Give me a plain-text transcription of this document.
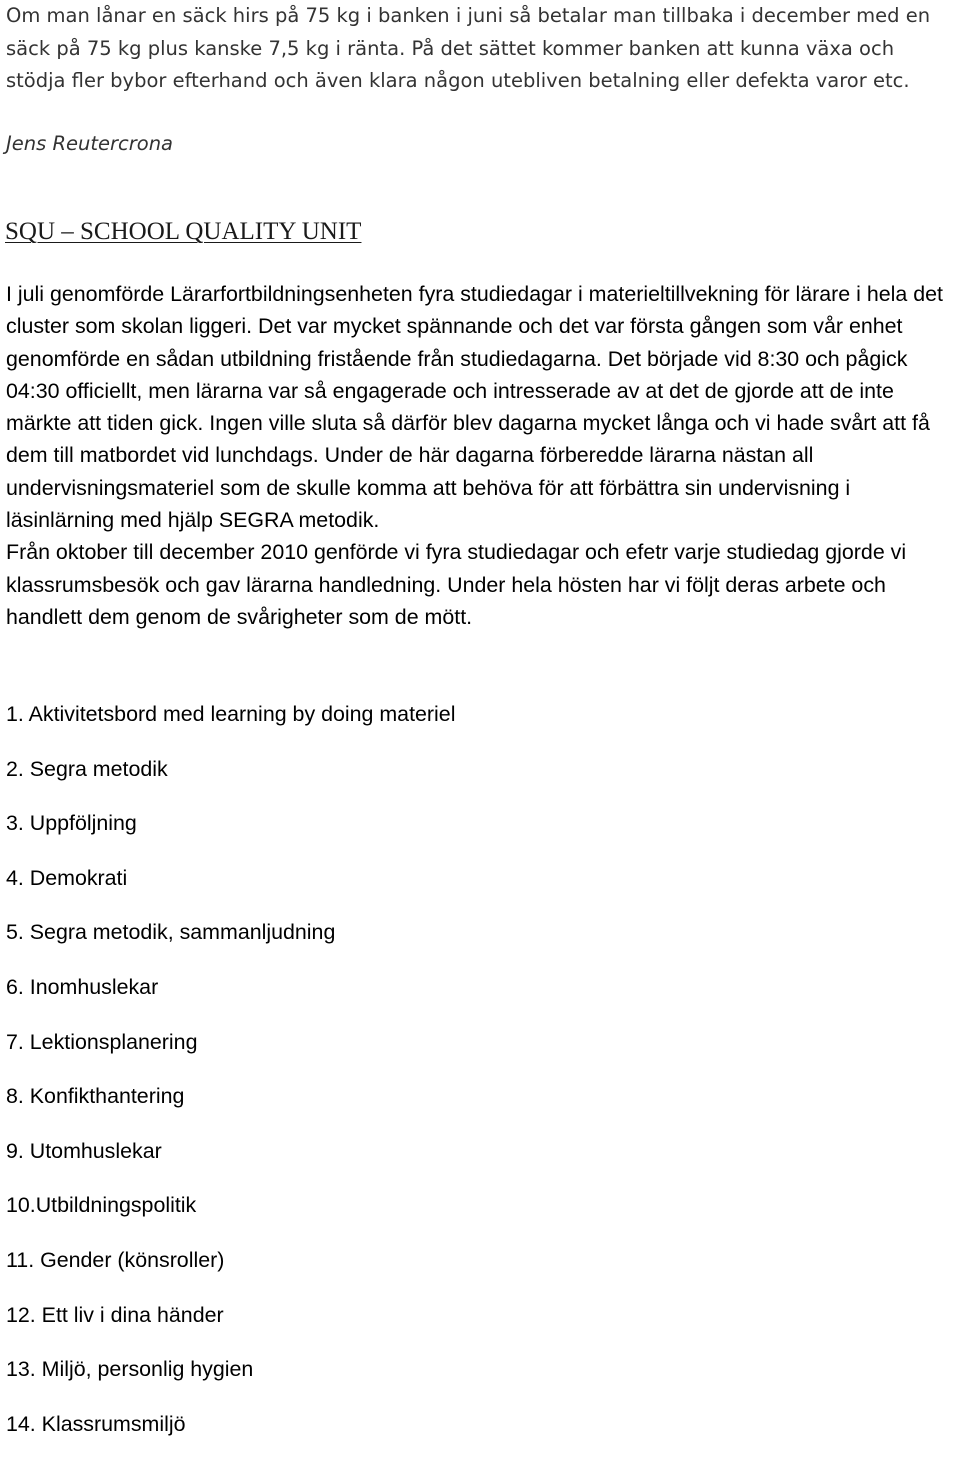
Om man lånar en säck hirs på 75 kg i banken i juni så betalar man tillbaka i december med en säck på 75 kg plus kanske 7,5 kg i ränta. På det sättet kommer banken att kunna växa och stödja fler bybor efterhand och även klara någon utebliven betalning eller defekta varor etc.

Jens Reutercrona

SQU – SCHOOL QUALITY UNIT

I juli genomförde Lärarfortbildningsenheten fyra studiedagar i materieltillvekning för lärare i hela det cluster som skolan liggeri. Det var mycket spännande och det var första gången som vår enhet genomförde en sådan utbildning fristående från studiedagarna. Det började vid 8:30 och pågick 04:30 officiellt, men lärarna var så engagerade och intresserade av at det de gjorde att de inte märkte att tiden gick. Ingen ville sluta så därför blev dagarna mycket långa och vi hade svårt att få dem till matbordet vid lunchdags. Under de här dagarna förberedde lärarna nästan all undervisningsmateriel som de skulle komma att behöva för att förbättra sin undervisning i läsinlärning med hjälp SEGRA metodik.
Från oktober till december 2010 genförde vi fyra studiedagar och efetr varje studiedag gjorde vi klassrumsbesök och gav lärarna handledning. Under hela hösten har vi följt deras arbete och handlett dem genom de svårigheter som de mött.
1. Aktivitetsbord med learning by doing materiel
2. Segra metodik
3. Uppföljning
4. Demokrati
5. Segra metodik, sammanljudning
6. Inomhuslekar
7. Lektionsplanering
8. Konfikthantering
9. Utomhuslekar
10.Utbildningspolitik
11. Gender (könsroller)
12. Ett liv i dina händer
13. Miljö, personlig hygien
14. Klassrumsmiljö
